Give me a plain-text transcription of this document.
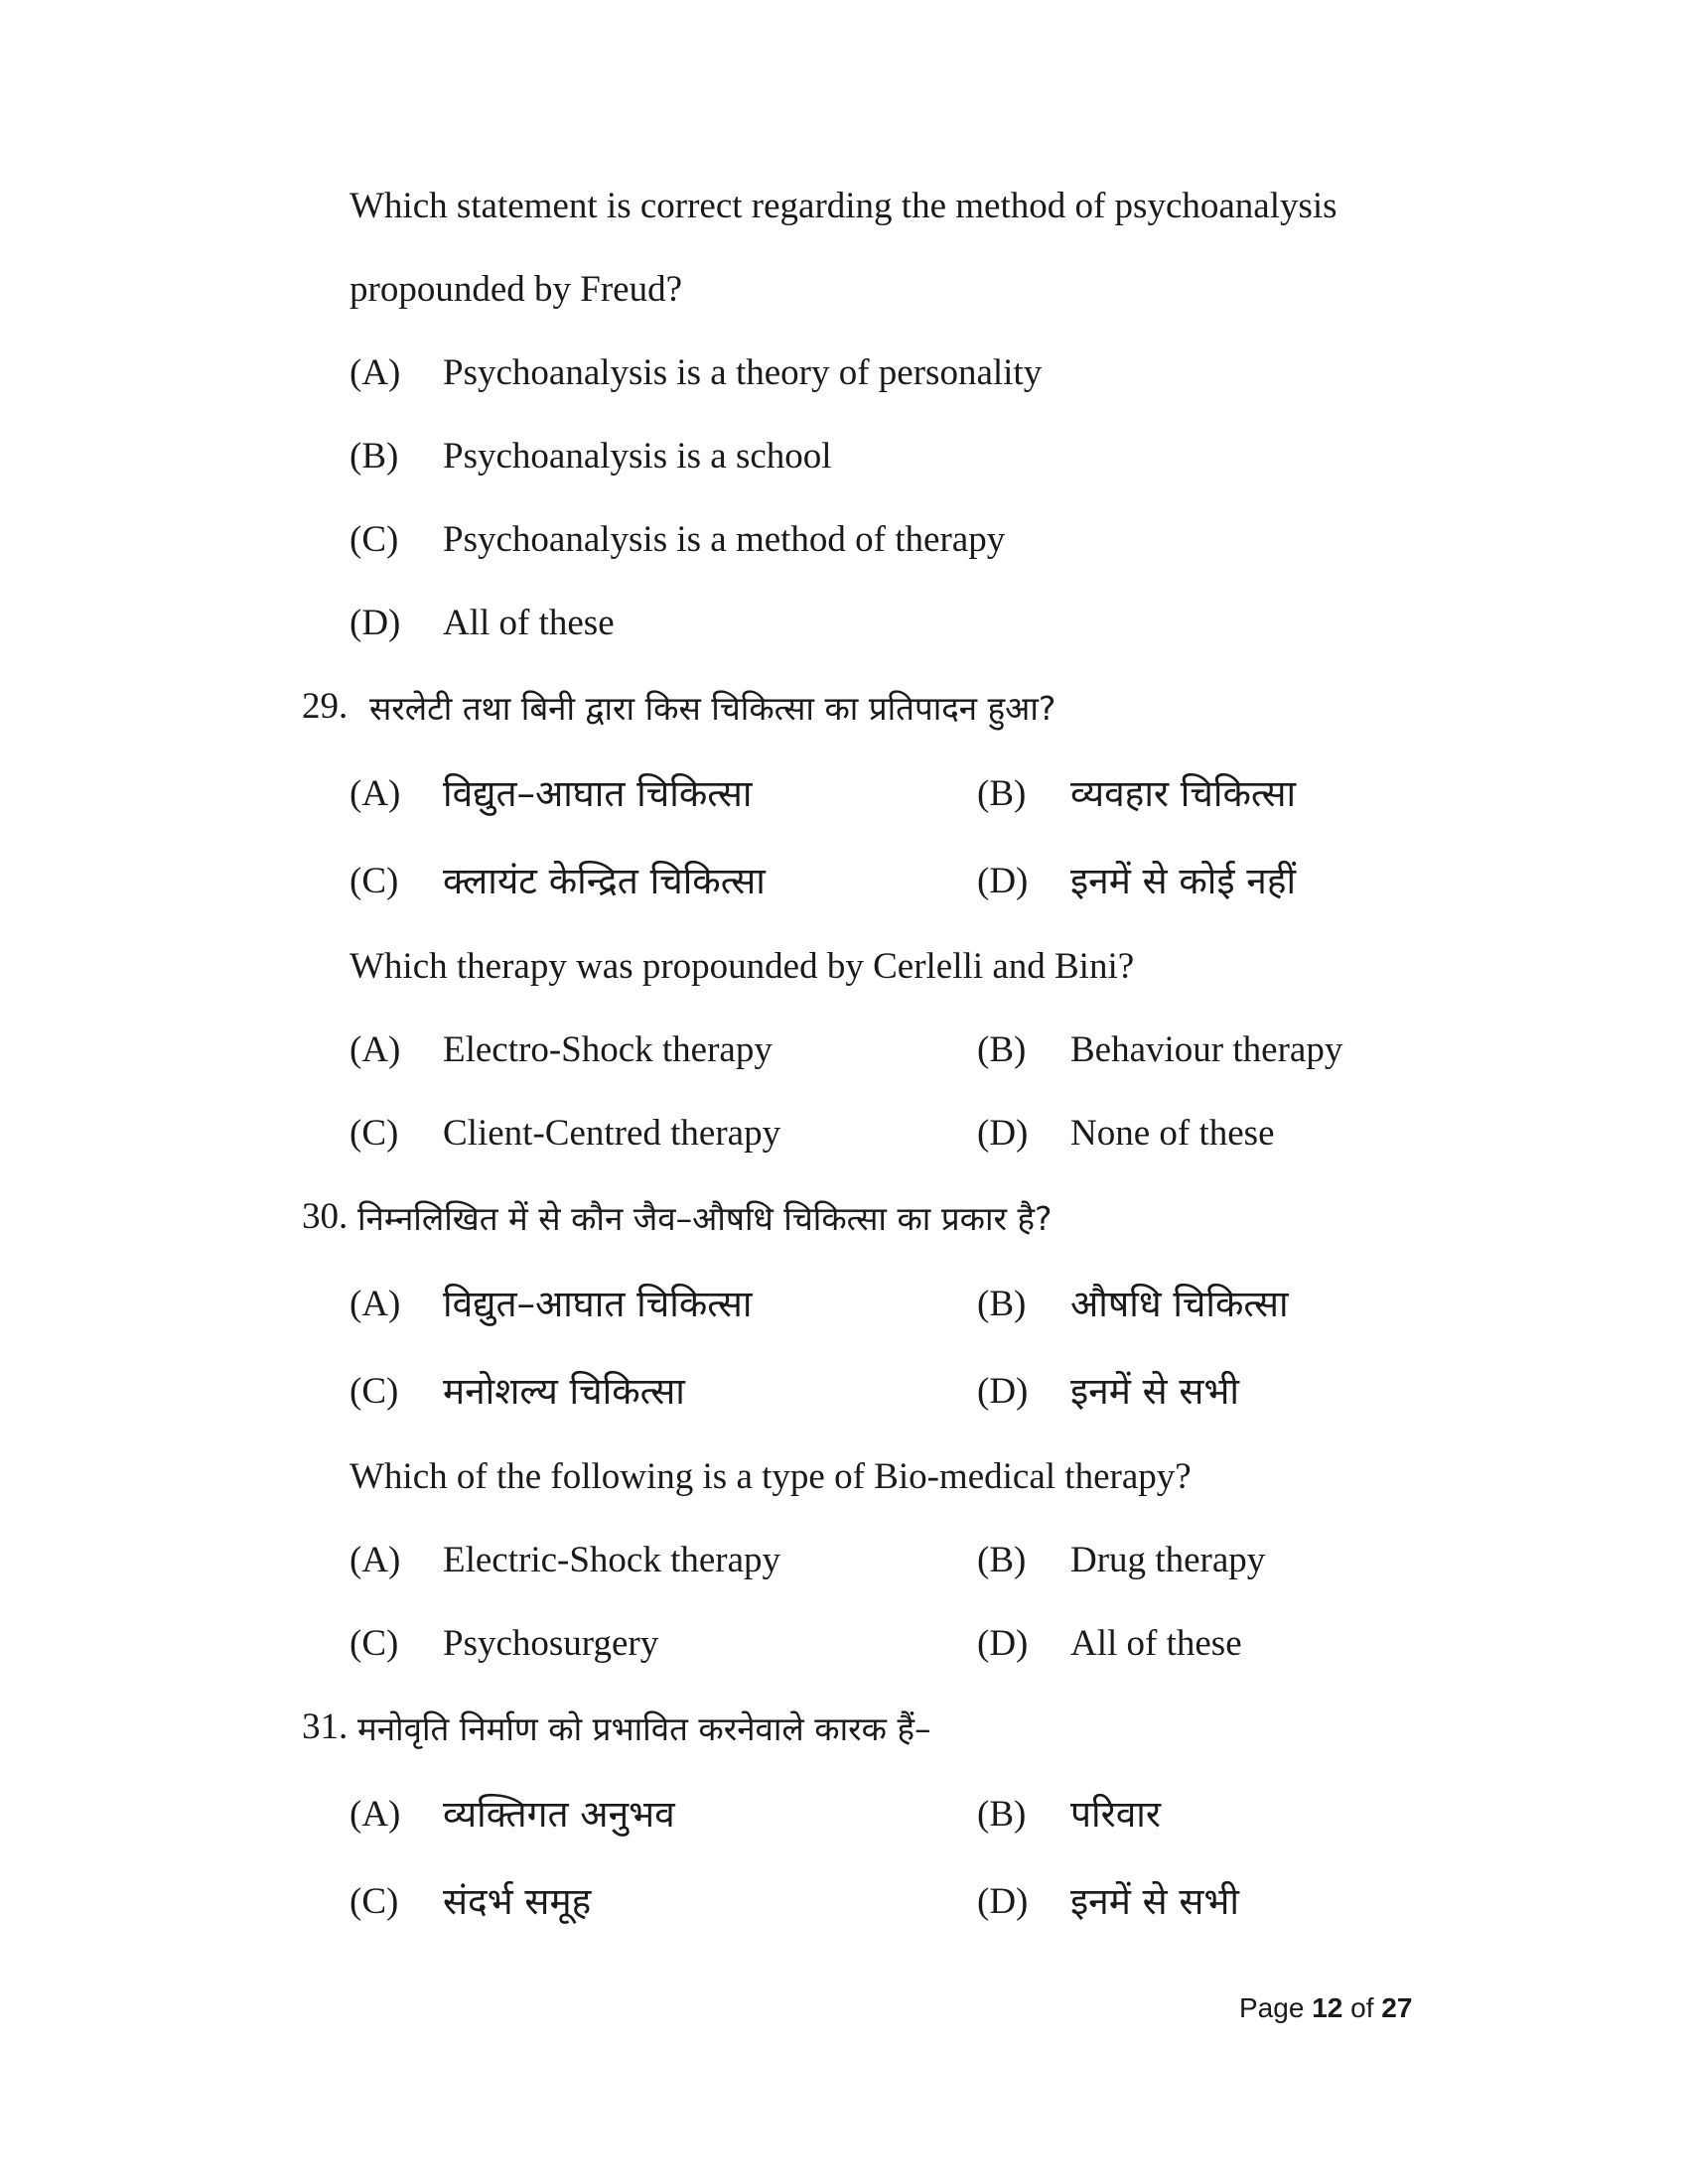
Which statement is correct regarding the method of psychoanalysis
propounded by Freud?
(A) Psychoanalysis is a theory of personality
(B) Psychoanalysis is a school
(C) Psychoanalysis is a method of therapy
(D) All of these
29. सरलेटी तथा बिनी द्वारा किस चिकित्सा का प्रतिपादन हुआ?
(A) विद्युत–आघात चिकित्सा	(B) व्यवहार चिकित्सा
(C) क्लायंट केन्द्रित चिकित्सा	(D) इनमें से कोई नहीं
Which therapy was propounded by Cerlelli and Bini?
(A) Electro-Shock therapy	(B) Behaviour therapy
(C) Client-Centred therapy	(D) None of these
30. निम्नलिखित में से कौन जैव–औषधि चिकित्सा का प्रकार है?
(A) विद्युत–आघात चिकित्सा	(B) औषधि चिकित्सा
(C) मनोशल्य चिकित्सा	(D) इनमें से सभी
Which of the following is a type of Bio-medical therapy?
(A) Electric-Shock therapy	(B) Drug therapy
(C) Psychosurgery	(D) All of these
31. मनोवृति निर्माण को प्रभावित करनेवाले कारक हैं–
(A) व्यक्तिगत अनुभव	(B) परिवार
(C) संदर्भ समूह	(D) इनमें से सभी
Page 12 of 27
